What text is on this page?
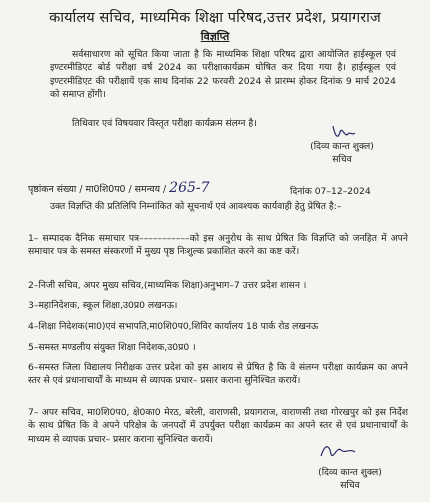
कार्यालय सचिव, माध्यमिक शिक्षा परिषद,उत्तर प्रदेश, प्रयागराज
विज्ञप्ति
सर्वसाधारण को सूचित किया जाता है कि माध्यमिक शिक्षा परिषद द्वारा आयोजित हाईस्कूल एवं इण्टरमीडिएट बोर्ड परीक्षा वर्ष 2024 का परीक्षाकार्यक्रम घोषित कर दिया गया है। हाईस्कूल एवं इण्टरमीडिएट की परीक्षायें एक साथ दिनांक 22 फरवरी 2024 से प्रारम्भ होकर दिनांक 9 मार्च 2024 को समाप्त होंगी।
तिथिवार एवं विषयवार विस्तृत परीक्षा कार्यक्रम संलग्न है।
(दिव्य कान्त शुक्ल)
सचिव
पृष्ठांकन संख्या / मा0शि0प0 / समन्वय / 265-7	दिनांक 07–12–2024
उक्त विज्ञप्ति की प्रतिलिपि निम्नांकित को सूचनार्थ एवं आवश्यक कार्यवाही हेतु प्रेषित है:–
1– सम्पादक दैनिक समाचार पत्र–––––––––––को इस अनुरोध के साथ प्रेषित कि विज्ञप्ति को जनहित में अपने समाचार पत्र के समस्त संस्करणों में मुख्य पृष्ठ निःशुल्क प्रकाशित करने का कष्ट करें।
2–निजी सचिव, अपर मुख्य सचिव,(माध्यमिक शिक्षा)अनुभाग–7 उत्तर प्रदेश शासन ।
3–महानिदेशक, स्कूल शिक्षा,उ0प्र0 लखनऊ।
4–शिक्षा निदेशक(मा0)एवं सभापति,मा0शि0प0,शिविर कार्यालय 18 पार्क रोड लखनऊ
5–समस्त मण्डलीय संयुक्त शिक्षा निदेशक,उ0प्र0 ।
6–समस्त जिला विद्यालय निरीक्षक उत्तर प्रदेश को इस आशय से प्रेषित है कि वे संलग्न परीक्षा कार्यक्रम का अपने स्तर से एवं प्रधानाचार्यों के माध्यम से व्यापक प्रचार– प्रसार कराना सुनिश्चित करायें।
7– अपर सचिव, मा0शि0प0, क्षे0का0 मेरठ, बरेली, वाराणसी, प्रयागराज, वाराणसी तथा गोरखपुर को इस निर्देश के साथ प्रेषित कि वे अपने परिक्षेत्र के जनपदों में उपर्युक्त परीक्षा कार्यक्रम का अपने स्तर से एवं प्रधानाचार्यों के माध्यम से व्यापक प्रचार– प्रसार कराना सुनिश्चित करायें।
(दिव्य कान्त शुक्ल)
सचिव
